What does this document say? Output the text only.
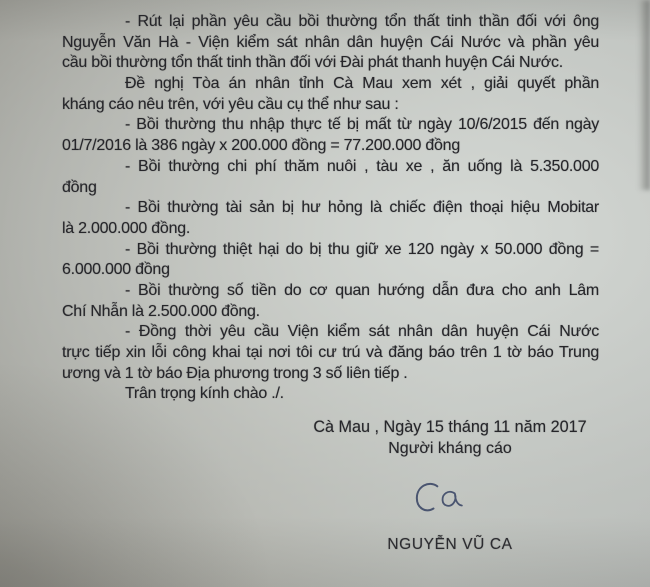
- Rút lại phần yêu cầu bồi thường tổn thất tinh thần đối với ông
Nguyễn Văn Hà - Viện kiểm sát nhân dân huyện Cái Nước và phần yêu
cầu bồi thường tổn thất tinh thần đối với Đài phát thanh huyện Cái Nước.
Đề nghị Tòa án nhân tỉnh Cà Mau xem xét , giải quyết phần
kháng cáo nêu trên, với yêu cầu cụ thể như sau :
- Bồi thường thu nhập thực tế bị mất từ ngày 10/6/2015 đến ngày
01/7/2016 là 386 ngày x 200.000 đồng = 77.200.000 đồng
- Bồi thường chi phí thăm nuôi , tàu xe , ăn uống là 5.350.000
đồng
- Bồi thường tài sản bị hư hỏng là chiếc điện thoại hiệu Mobitar
là 2.000.000 đồng.
- Bồi thường thiệt hại do bị thu giữ xe 120 ngày x 50.000 đồng =
6.000.000 đồng
- Bồi thường số tiền do cơ quan hướng dẫn đưa cho anh Lâm
Chí Nhẫn là 2.500.000 đồng.
- Đồng thời yêu cầu Viện kiểm sát nhân dân huyện Cái Nước
trực tiếp xin lỗi công khai tại nơi tôi cư trú và đăng báo trên 1 tờ báo Trung
ương và 1 tờ báo Địa phương trong 3 số liên tiếp .
Trân trọng kính chào ./.
Cà Mau , Ngày 15 tháng 11 năm 2017
Người kháng cáo
NGUYỄN VŨ CA
